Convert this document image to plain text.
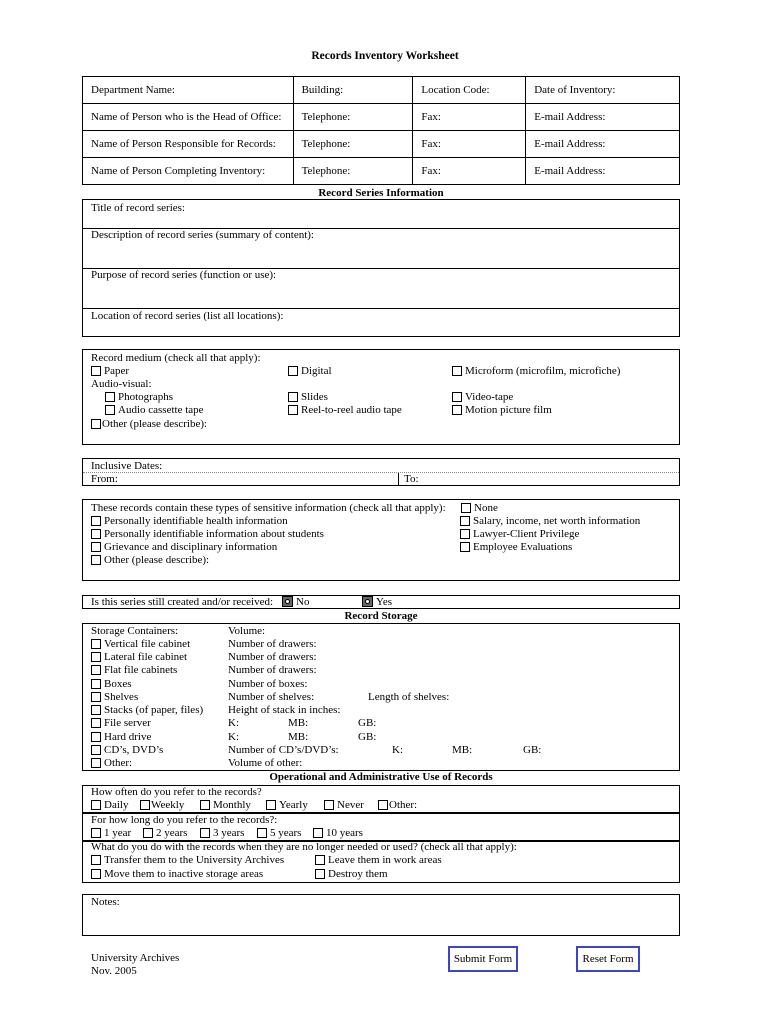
Records Inventory Worksheet
Department Name:	Building:	Location Code:	Date of Inventory:
Name of Person who is the Head of Office:	Telephone:	Fax:	E-mail Address:
Name of Person Responsible for Records:	Telephone:	Fax:	E-mail Address:
Name of Person Completing Inventory:	Telephone:	Fax:	E-mail Address:
Record Series Information
Title of record series:
Description of record series (summary of content):
Purpose of record series (function or use):
Location of record series (list all locations):
Record medium (check all that apply):
Paper	Digital	Microform (microfilm, microfiche)
Audio-visual:
Photographs	Slides	Video-tape
Audio cassette tape	Reel-to-reel audio tape	Motion picture film
Other (please describe):
Inclusive Dates:
From:	To:
These records contain these types of sensitive information (check all that apply):	None
Personally identifiable health information	Salary, income, net worth information
Personally identifiable information about students	Lawyer-Client Privilege
Grievance and disciplinary information	Employee Evaluations
Other (please describe):
Is this series still created and/or received:	No	Yes
Record Storage
Storage Containers:	Volume:
Vertical file cabinet	Number of drawers:
Lateral file cabinet	Number of drawers:
Flat file cabinets	Number of drawers:
Boxes	Number of boxes:
Shelves	Number of shelves:	Length of shelves:
Stacks (of paper, files) Height of stack in inches:
File server	K:	MB:	GB:
Hard drive	K:	MB:	GB:
CD’s, DVD’s	Number of CD’s/DVD’s:	K:	MB:	GB:
Other:	Volume of other:
Operational and Administrative Use of Records
How often do you refer to the records?
Daily	Weekly	Monthly	Yearly	Never	Other:
For how long do you refer to the records?:
1 year	2 years	3 years	5 years	10 years
What do you do with the records when they are no longer needed or used? (check all that apply):
Transfer them to the University Archives	Leave them in work areas
Move them to inactive storage areas	Destroy them
Notes:
University Archives
Nov. 2005
Submit Form	Reset Form
